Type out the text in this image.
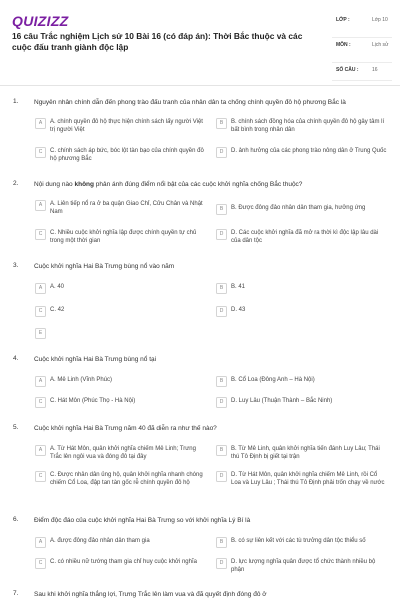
QUIZIZZ
16 câu Trắc nghiệm Lịch sử 10 Bài 16 (có đáp án): Thời Bắc thuộc và các cuộc đấu tranh giành độc lập
LỚP :	Lớp 10
MÔN :	Lịch sử
SỐ CÂU :	16
1. Nguyên nhân chính dẫn đến phong trào đấu tranh của nhân dân ta chống chính quyền đô hộ phương Bắc là
A	A. chính quyền đô hộ thực hiện chính sách lấy người Việt trị người Việt
B	B. chính sách đồng hóa của chính quyền đô hộ gây tâm lí bất bình trong nhân dân
C	C. chính sách áp bức, bóc lột tàn bạo của chính quyền đô hộ phương Bắc
D	D. ảnh hưởng của các phong trào nông dân ở Trung Quốc
2. Nội dung nào không phản ánh đúng điểm nổi bật của các cuộc khởi nghĩa chống Bắc thuộc?
A	A. Liên tiếp nổ ra ở ba quận Giao Chỉ, Cửu Chân và Nhật Nam	B	B. Được đông đảo nhân dân tham gia, hưởng ứng
C	C. Nhiều cuộc khởi nghĩa lập được chính quyền tự chủ trong một thời gian
D	D. Các cuộc khởi nghĩa đã mở ra thời kì độc lập lâu dài của dân tộc
3. Cuộc khởi nghĩa Hai Bà Trưng bùng nổ vào năm
A	A. 40	B	B. 41
C	C. 42	D	D. 43
E
4. Cuộc khởi nghĩa Hai Bà Trưng bùng nổ tại
A	A. Mê Linh (Vĩnh Phúc)	B	B. Cổ Loa (Đông Anh – Hà Nội)
C	C. Hát Môn (Phúc Thọ - Hà Nội)	D	D. Luy Lâu (Thuận Thành – Bắc Ninh)
5. Cuộc khởi nghĩa Hai Bà Trưng năm 40 đã diễn ra như thế nào?
A	A. Từ Hát Môn, quân khởi nghĩa chiếm Mê Linh; Trưng Trắc lên ngôi vua và đóng đô tại đây
B	B. Từ Mê Linh, quân khởi nghĩa tiến đánh Luy Lâu; Thái thú Tô Định bị giết tại trận
C	C. Được nhân dân ủng hộ, quân khởi nghĩa nhanh chóng chiếm Cổ Loa, đập tan tàn gốc rễ chính quyền đô hộ
D	D. Từ Hát Môn, quân khởi nghĩa chiếm Mê Linh, rồi Cổ Loa và Luy Lâu ; Thái thú Tô Định phải trốn chạy về nước
6. Điểm độc đáo của cuộc khởi nghĩa Hai Bà Trưng so với khởi nghĩa Lý Bí là
A	A. được đông đảo nhân dân tham gia	B	B. có sự liên kết với các tù trưởng dân tộc thiểu số
C	C. có nhiều nữ tướng tham gia chỉ huy cuộc khởi nghĩa	D	D. lực lượng nghĩa quân được tổ chức thành nhiều bộ phận
7. Sau khi khởi nghĩa thắng lợi, Trưng Trắc lên làm vua và đã quyết định đóng đô ở
